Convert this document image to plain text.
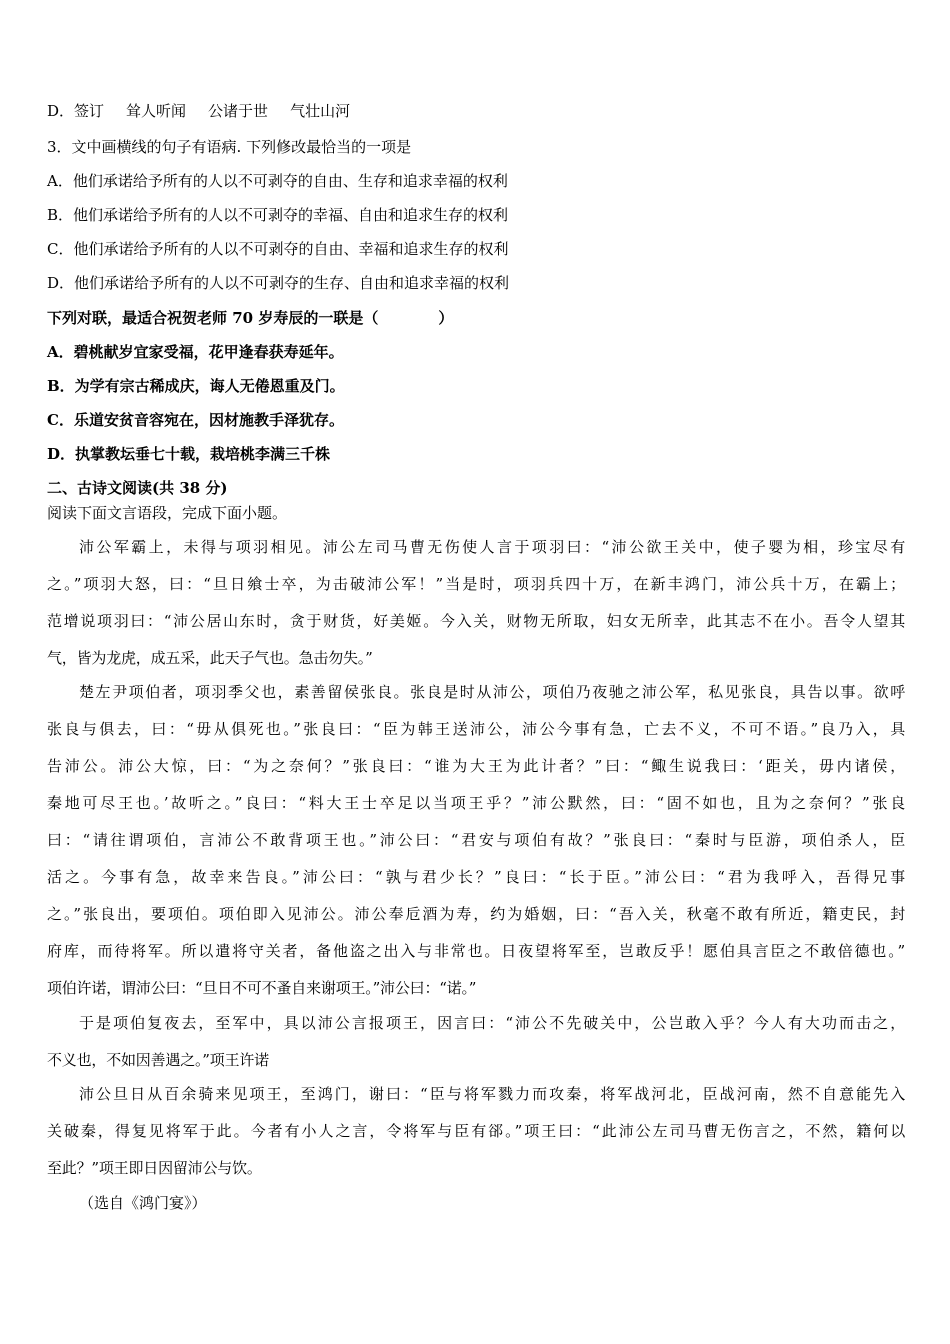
D．签订 耸人听闻 公诸于世 气壮山河
3．文中画横线的句子有语病. 下列修改最恰当的一项是
A．他们承诺给予所有的人以不可剥夺的自由、生存和追求幸福的权利
B．他们承诺给予所有的人以不可剥夺的幸福、自由和追求生存的权利
C．他们承诺给予所有的人以不可剥夺的自由、幸福和追求生存的权利
D．他们承诺给予所有的人以不可剥夺的生存、自由和追求幸福的权利
下列对联，最适合祝贺老师 70 岁寿辰的一联是（　　　　）
A．碧桃献岁宜家受福，花甲逢春获寿延年。
B．为学有宗古稀成庆，诲人无倦恩重及门。
C．乐道安贫音容宛在，因材施教手泽犹存。
D．执掌教坛垂七十载，栽培桃李满三千株
二、古诗文阅读(共 38 分)
阅读下面文言语段，完成下面小题。
沛公军霸上，未得与项羽相见。沛公左司马曹无伤使人言于项羽曰：“沛公欲王关中，使子婴为相，珍宝尽有
之。”项羽大怒，曰：“旦日飨士卒，为击破沛公军！”当是时，项羽兵四十万，在新丰鸿门，沛公兵十万，在霸上；
范增说项羽曰：“沛公居山东时，贪于财货，好美姬。今入关，财物无所取，妇女无所幸，此其志不在小。吾令人望其
气，皆为龙虎，成五采，此天子气也。急击勿失。”
楚左尹项伯者，项羽季父也，素善留侯张良。张良是时从沛公，项伯乃夜驰之沛公军，私见张良，具告以事。欲呼
张良与俱去，曰：“毋从俱死也。”张良曰：“臣为韩王送沛公，沛公今事有急，亡去不义，不可不语。”良乃入，具
告沛公。沛公大惊，曰：“为之奈何？”张良曰：“谁为大王为此计者？”曰：“鲰生说我曰：‘距关，毋内诸侯，
秦地可尽王也。’故听之。”良曰：“料大王士卒足以当项王乎？”沛公默然，曰：“固不如也，且为之奈何？”张良
曰：“请往谓项伯，言沛公不敢背项王也。”沛公曰：“君安与项伯有故？”张良曰：“秦时与臣游，项伯杀人，臣
活之。今事有急，故幸来告良。”沛公曰：“孰与君少长？”良曰：“长于臣。”沛公曰：“君为我呼入，吾得兄事
之。”张良出，要项伯。项伯即入见沛公。沛公奉卮酒为寿，约为婚姻，曰：“吾入关，秋毫不敢有所近，籍吏民，封
府库，而待将军。所以遣将守关者，备他盗之出入与非常也。日夜望将军至，岂敢反乎！愿伯具言臣之不敢倍德也。”
项伯许诺，谓沛公曰：“旦日不可不蚤自来谢项王。”沛公曰：“诺。”
于是项伯复夜去，至军中，具以沛公言报项王，因言曰：“沛公不先破关中，公岂敢入乎？今人有大功而击之，
不义也，不如因善遇之。”项王许诺
沛公旦日从百余骑来见项王，至鸿门，谢曰：“臣与将军戮力而攻秦，将军战河北，臣战河南，然不自意能先入
关破秦，得复见将军于此。今者有小人之言，令将军与臣有郤。”项王曰：“此沛公左司马曹无伤言之，不然，籍何以
至此？”项王即日因留沛公与饮。
（选自《鸿门宴》）
